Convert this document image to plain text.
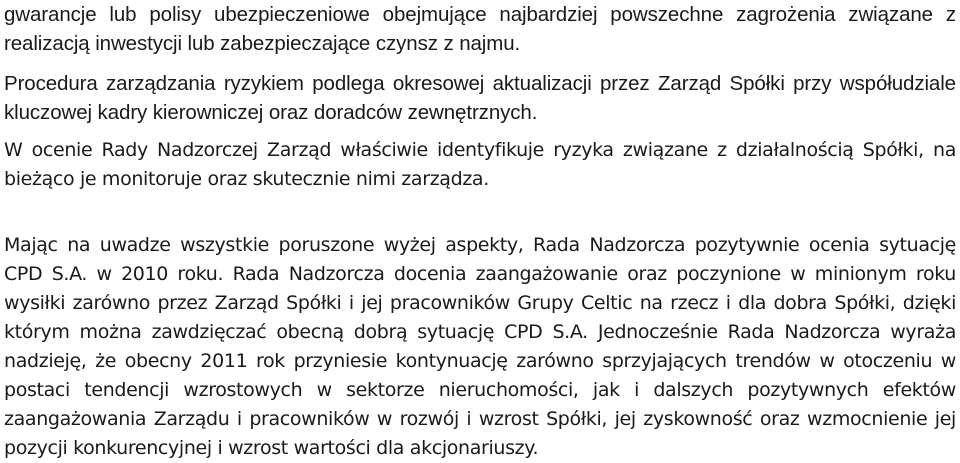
gwarancje lub polisy ubezpieczeniowe obejmujące najbardziej powszechne zagrożenia związane z realizacją inwestycji lub zabezpieczające czynsz z najmu.

Procedura zarządzania ryzykiem podlega okresowej aktualizacji przez Zarząd Spółki przy współudziale kluczowej kadry kierowniczej oraz doradców zewnętrznych.

W ocenie Rady Nadzorczej Zarząd właściwie identyfikuje ryzyka związane z działalnością Spółki, na bieżąco je monitoruje oraz skutecznie nimi zarządza.

Mając na uwadze wszystkie poruszone wyżej aspekty, Rada Nadzorcza pozytywnie ocenia sytuację CPD S.A. w 2010 roku. Rada Nadzorcza docenia zaangażowanie oraz poczynione w minionym roku wysiłki zarówno przez Zarząd Spółki i jej pracowników Grupy Celtic na rzecz i dla dobra Spółki, dzięki którym można zawdzięczać obecną dobrą sytuację CPD S.A. Jednocześnie Rada Nadzorcza wyraża nadzieję, że obecny 2011 rok przyniesie kontynuację zarówno sprzyjających trendów w otoczeniu w postaci tendencji wzrostowych w sektorze nieruchomości, jak i dalszych pozytywnych efektów zaangażowania Zarządu i pracowników w rozwój i wzrost Spółki, jej zyskowność oraz wzmocnienie jej pozycji konkurencyjnej i wzrost wartości dla akcjonariuszy.
